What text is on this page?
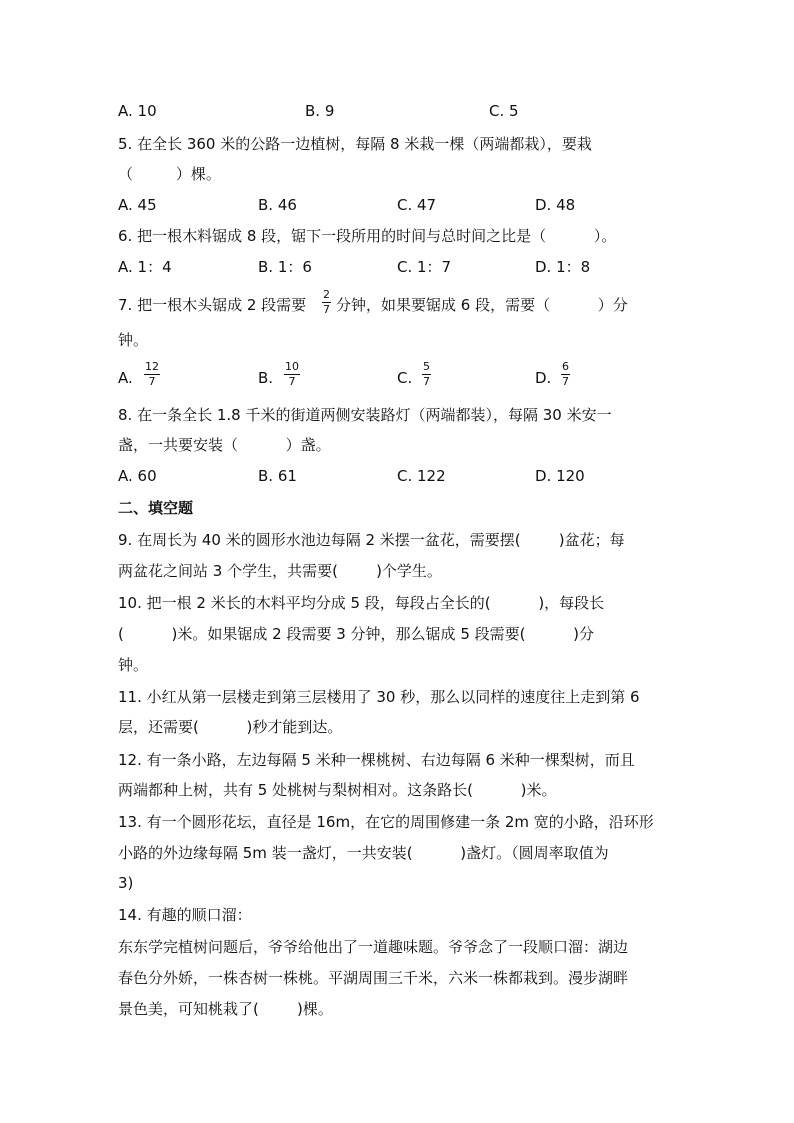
A. 10	B. 9	C. 5
5. 在全长 360 米的公路一边植树，每隔 8 米栽一棵（两端都栽），要栽
（         ）棵。
A. 45	B. 46	C. 47	D. 48
6. 把一根木料锯成 8 段，锯下一段所用的时间与总时间之比是（          ）。
A. 1：4	B. 1：6	C. 1：7	D. 1：8
7. 把一根木头锯成 2 段需要
2
7 分钟，如果要锯成 6 段，需要（          ）分
钟。
A.
12
7	B.
10
7	C.
5
7	D.
6
7
8. 在一条全长 1.8 千米的街道两侧安装路灯（两端都装），每隔 30 米安一
盏，一共要安装（          ）盏。
A. 60	B. 61	C. 122	D. 120
二、填空题
9. 在周长为 40 米的圆形水池边每隔 2 米摆一盆花，需要摆(        )盆花；每
两盆花之间站 3 个学生，共需要(        )个学生。
10. 把一根 2 米长的木料平均分成 5 段，每段占全长的(          )，每段长
(          )米。如果锯成 2 段需要 3 分钟，那么锯成 5 段需要(          )分
钟。
11. 小红从第一层楼走到第三层楼用了 30 秒，那么以同样的速度往上走到第 6
层，还需要(          )秒才能到达。
12. 有一条小路，左边每隔 5 米种一棵桃树、右边每隔 6 米种一棵梨树，而且
两端都种上树，共有 5 处桃树与梨树相对。这条路长(          )米。
13. 有一个圆形花坛，直径是 16m，在它的周围修建一条 2m 宽的小路，沿环形
小路的外边缘每隔 5m 装一盏灯，一共安装(          )盏灯。（圆周率取值为
3)
14. 有趣的顺口溜：
东东学完植树问题后，爷爷给他出了一道趣味题。爷爷念了一段顺口溜：湖边
春色分外娇，一株杏树一株桃。平湖周围三千米，六米一株都栽到。漫步湖畔
景色美，可知桃栽了(        )棵。
